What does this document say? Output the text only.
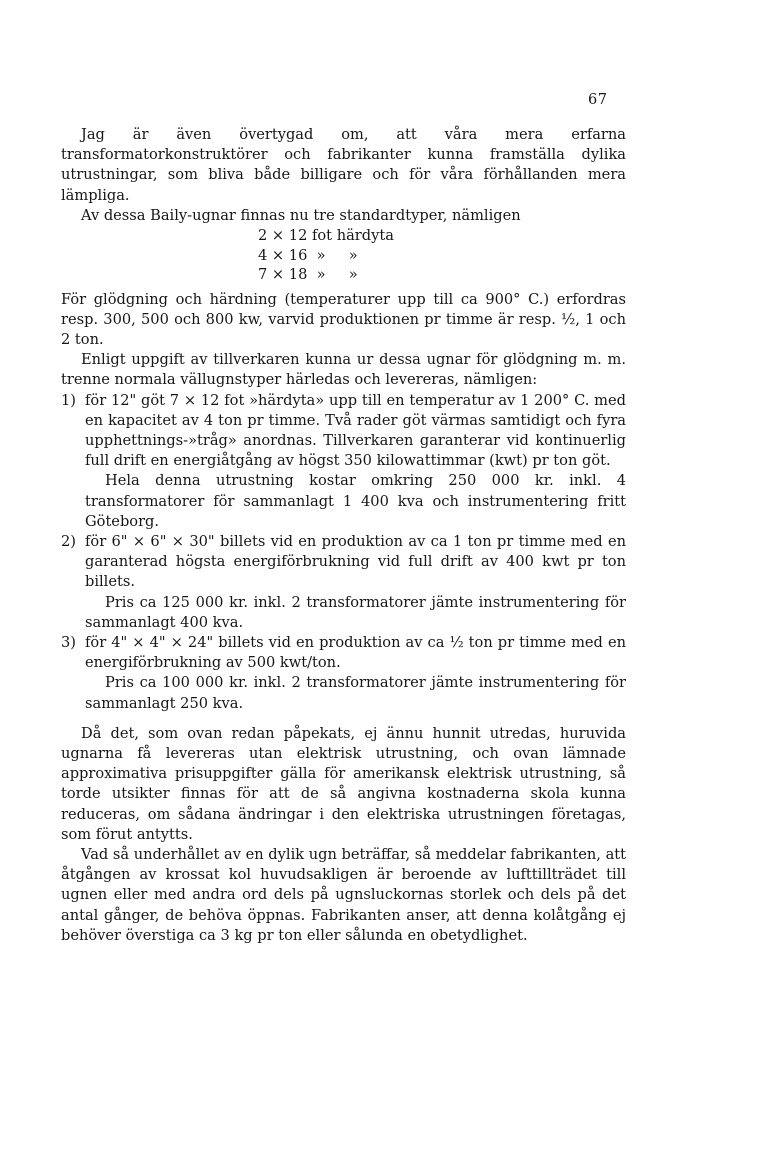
67

Jag är även övertygad om, att våra mera erfarna transformatorkonstruktörer och fabrikanter kunna framställa dylika utrustningar, som bliva både billigare och för våra förhållanden mera lämpliga.

Av dessa Baily-ugnar finnas nu tre standardtyper, nämligen

2 × 12 fot härdyta
4 × 16  »     »
7 × 18  »     »

För glödgning och härdning (temperaturer upp till ca 900° C.) erfordras resp. 300, 500 och 800 kw, varvid produktionen pr timme är resp. ½, 1 och 2 ton.

Enligt uppgift av tillverkaren kunna ur dessa ugnar för glödgning m. m. trenne normala vällugnstyper härledas och levereras, nämligen:

1) för 12" göt 7 × 12 fot »härdyta» upp till en temperatur av 1 200° C. med en kapacitet av 4 ton pr timme. Två rader göt värmas samtidigt och fyra upphettnings-»tråg» anordnas. Tillverkaren garanterar vid kontinuerlig full drift en energiåtgång av högst 350 kilowattimmar (kwt) pr ton göt.

Hela denna utrustning kostar omkring 250 000 kr. inkl. 4 transformatorer för sammanlagt 1 400 kva och instrumentering fritt Göteborg.

2) för 6" × 6" × 30" billets vid en produktion av ca 1 ton pr timme med en garanterad högsta energiförbrukning vid full drift av 400 kwt pr ton billets.

Pris ca 125 000 kr. inkl. 2 transformatorer jämte instrumentering för sammanlagt 400 kva.

3) för 4" × 4" × 24" billets vid en produktion av ca ½ ton pr timme med en energiförbrukning av 500 kwt/ton.

Pris ca 100 000 kr. inkl. 2 transformatorer jämte instrumentering för sammanlagt 250 kva.

Då det, som ovan redan påpekats, ej ännu hunnit utredas, huruvida ugnarna få levereras utan elektrisk utrustning, och ovan lämnade approximativa prisuppgifter gälla för amerikansk elektrisk utrustning, så torde utsikter finnas för att de så angivna kostnaderna skola kunna reduceras, om sådana ändringar i den elektriska utrustningen företagas, som förut antytts.

Vad så underhållet av en dylik ugn beträffar, så meddelar fabrikanten, att åtgången av krossat kol huvudsakligen är beroende av lufttillträdet till ugnen eller med andra ord dels på ugnsluckornas storlek och dels på det antal gånger, de behöva öppnas. Fabrikanten anser, att denna kolåtgång ej behöver överstiga ca 3 kg pr ton eller sålunda en obetydlighet.
